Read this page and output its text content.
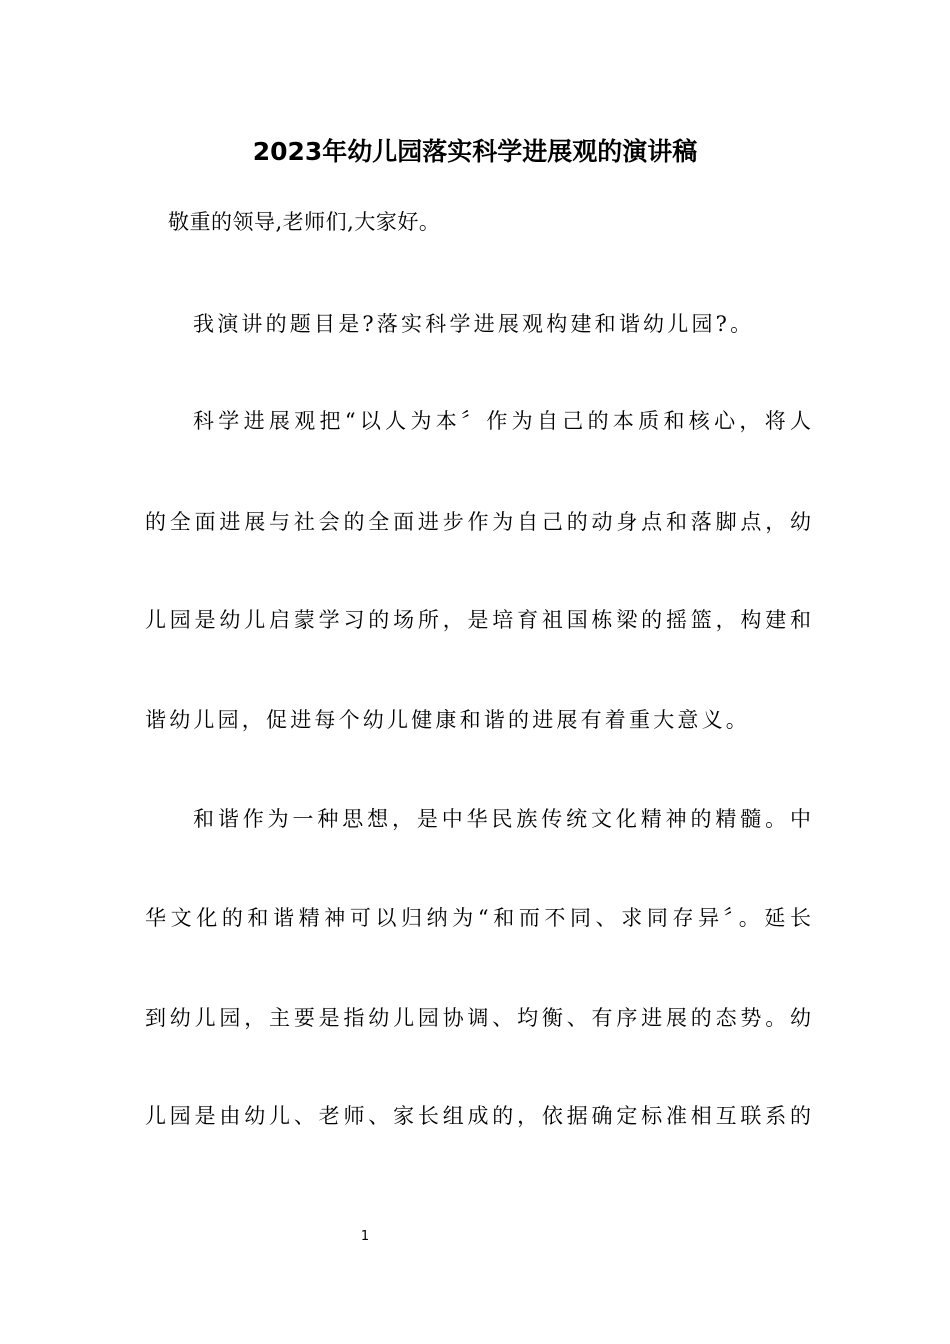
2023年幼儿园落实科学进展观的演讲稿
敬重的领导,老师们,大家好。
我演讲的题目是?落实科学进展观构建和谐幼儿园?。
科学进展观把“以人为本〞作为自己的本质和核心，将人
的全面进展与社会的全面进步作为自己的动身点和落脚点，幼
儿园是幼儿启蒙学习的场所，是培育祖国栋梁的摇篮，构建和
谐幼儿园，促进每个幼儿健康和谐的进展有着重大意义。
和谐作为一种思想，是中华民族传统文化精神的精髓。中
华文化的和谐精神可以归纳为“和而不同、求同存异〞。延长
到幼儿园，主要是指幼儿园协调、均衡、有序进展的态势。幼
儿园是由幼儿、老师、家长组成的，依据确定标准相互联系的
1
